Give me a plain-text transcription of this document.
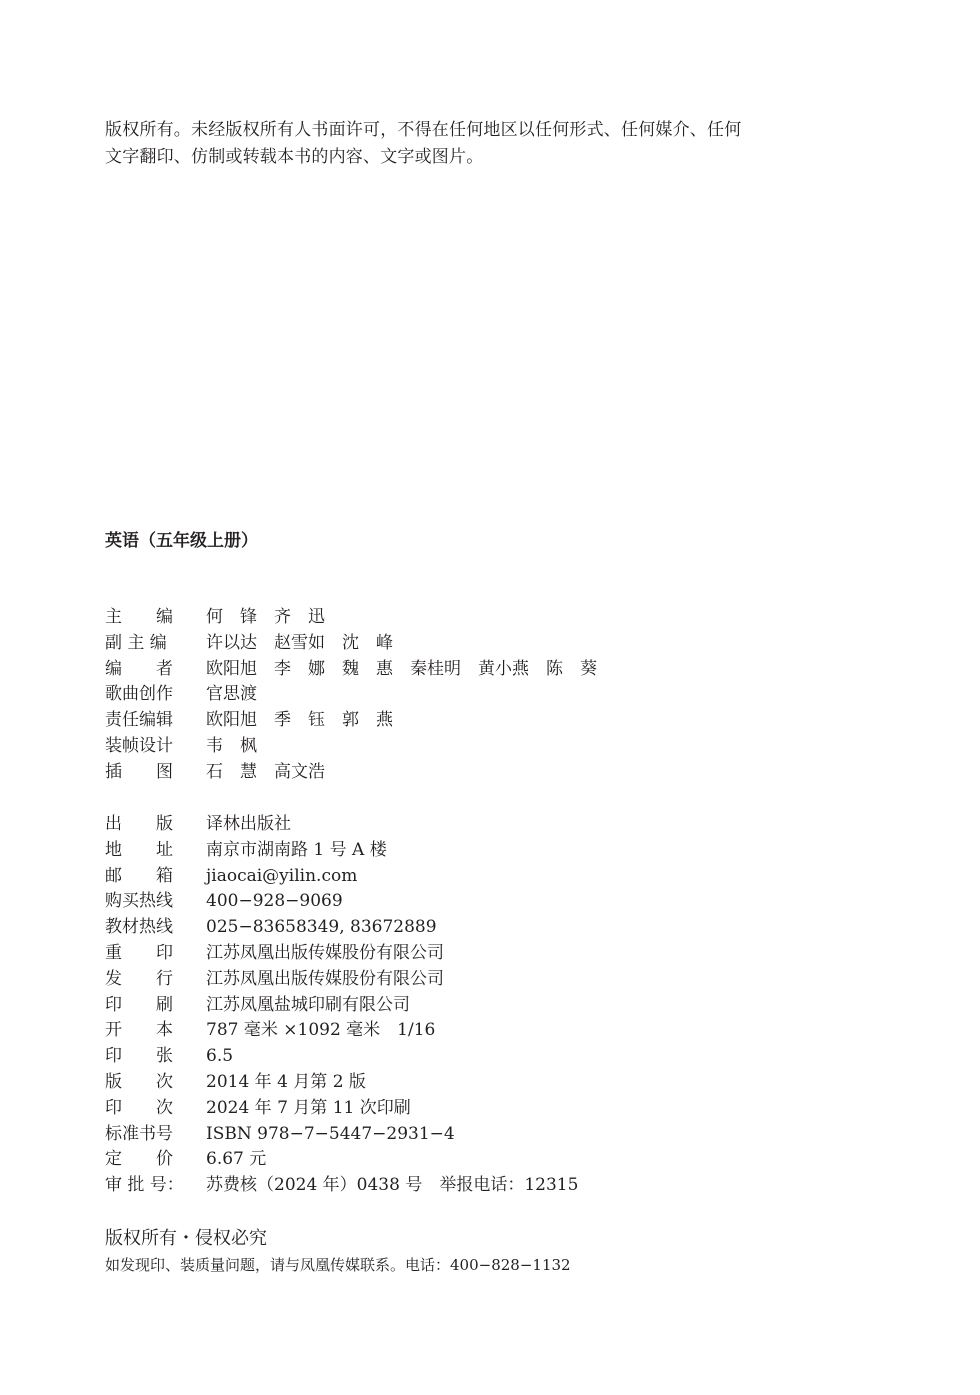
版权所有。未经版权所有人书面许可，不得在任何地区以任何形式、任何媒介、任何

文字翻印、仿制或转载本书的内容、文字或图片。

英语（五年级上册）
主　　编	何　锋　齐　迅
副 主 编	许以达　赵雪如　沈　峰
编　　者	欧阳旭　李　娜　魏　惠　秦桂明　黄小燕　陈　葵
歌曲创作	官思渡
责任编辑	欧阳旭　季　钰　郭　燕
装帧设计	韦　枫
插　　图	石　慧　高文浩
出　　版	译林出版社
地　　址	南京市湖南路 1 号 A 楼
邮　　箱	jiaocai@yilin.com
购买热线	400−928−9069
教材热线	025−83658349, 83672889
重　　印	江苏凤凰出版传媒股份有限公司
发　　行	江苏凤凰出版传媒股份有限公司
印　　刷	江苏凤凰盐城印刷有限公司
开　　本	787 毫米 ×1092 毫米　1/16
印　　张	6.5
版　　次	2014 年 4 月第 2 版
印　　次	2024 年 7 月第 11 次印刷
标准书号	ISBN 978−7−5447−2931−4
定　　价	6.67 元
审 批 号：	苏费核（2024 年）0438 号　举报电话：12315
版权所有・侵权必究
如发现印、装质量问题，请与凤凰传媒联系。电话：400−828−1132
